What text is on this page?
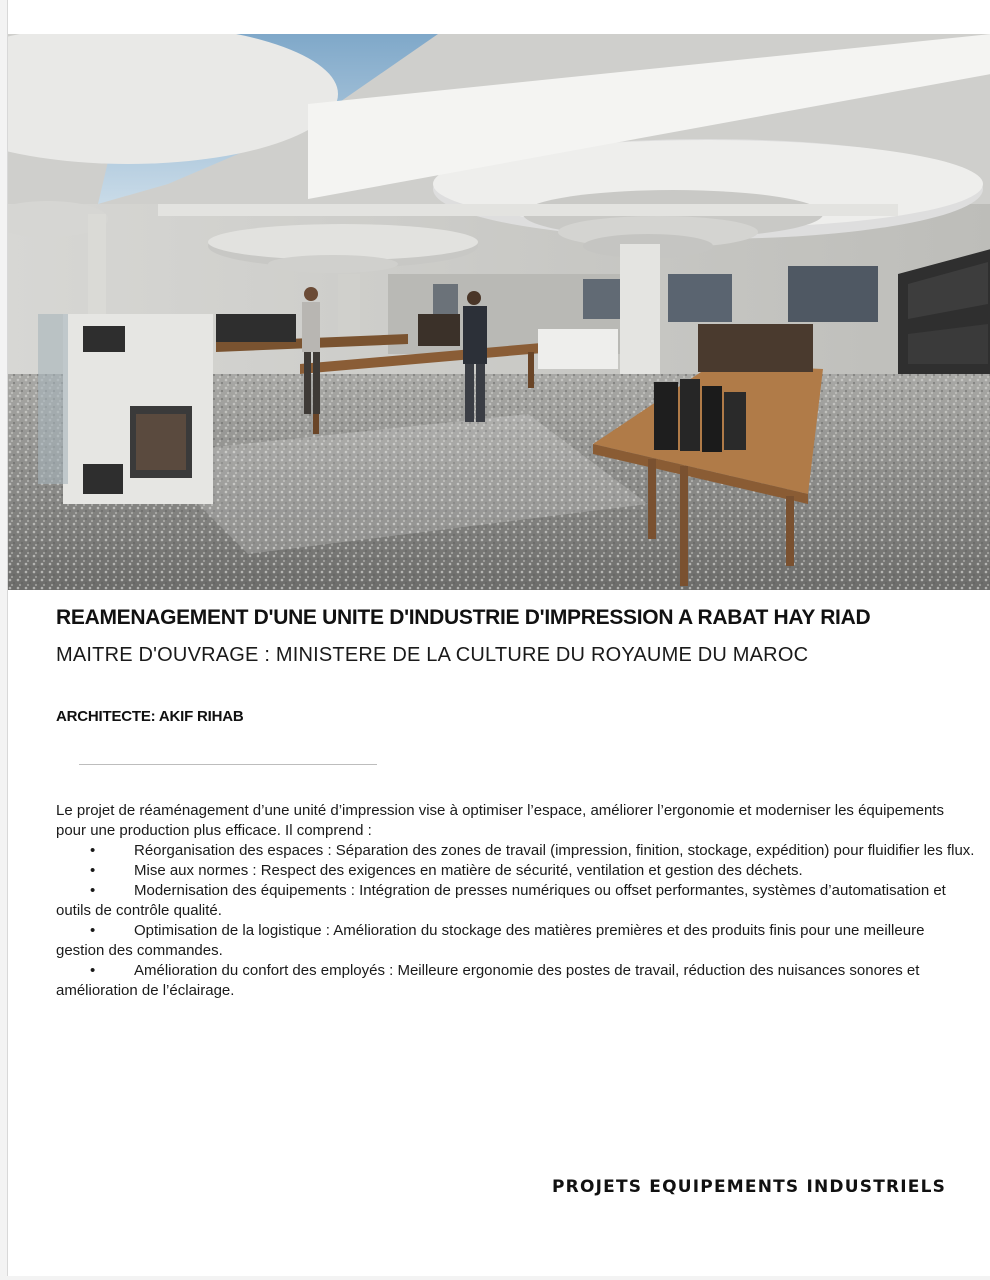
REAMENAGEMENT D'UNE UNITE D'INDUSTRIE D'IMPRESSION A RABAT HAY RIAD
MAITRE D'OUVRAGE : MINISTERE DE LA CULTURE DU ROYAUME DU MAROC
ARCHITECTE: AKIF RIHAB

Le projet de réaménagement d’une unité d’impression vise à optimiser l’espace, améliorer l’ergonomie et moderniser les équipements pour une production plus efficace. Il comprend :

•	Réorganisation des espaces : Séparation des zones de travail (impression, finition, stockage, expédition) pour fluidifier les flux.

•	Mise aux normes : Respect des exigences en matière de sécurité, ventilation et gestion des déchets.

•	Modernisation des équipements : Intégration de presses numériques ou offset performantes, systèmes d’automatisation et outils de contrôle qualité.

•	Optimisation de la logistique : Amélioration du stockage des matières premières et des produits finis pour une meilleure gestion des commandes.

•	Amélioration du confort des employés : Meilleure ergonomie des postes de travail, réduction des nuisances sonores et amélioration de l’éclairage.

PROJETS EQUIPEMENTS INDUSTRIELS
